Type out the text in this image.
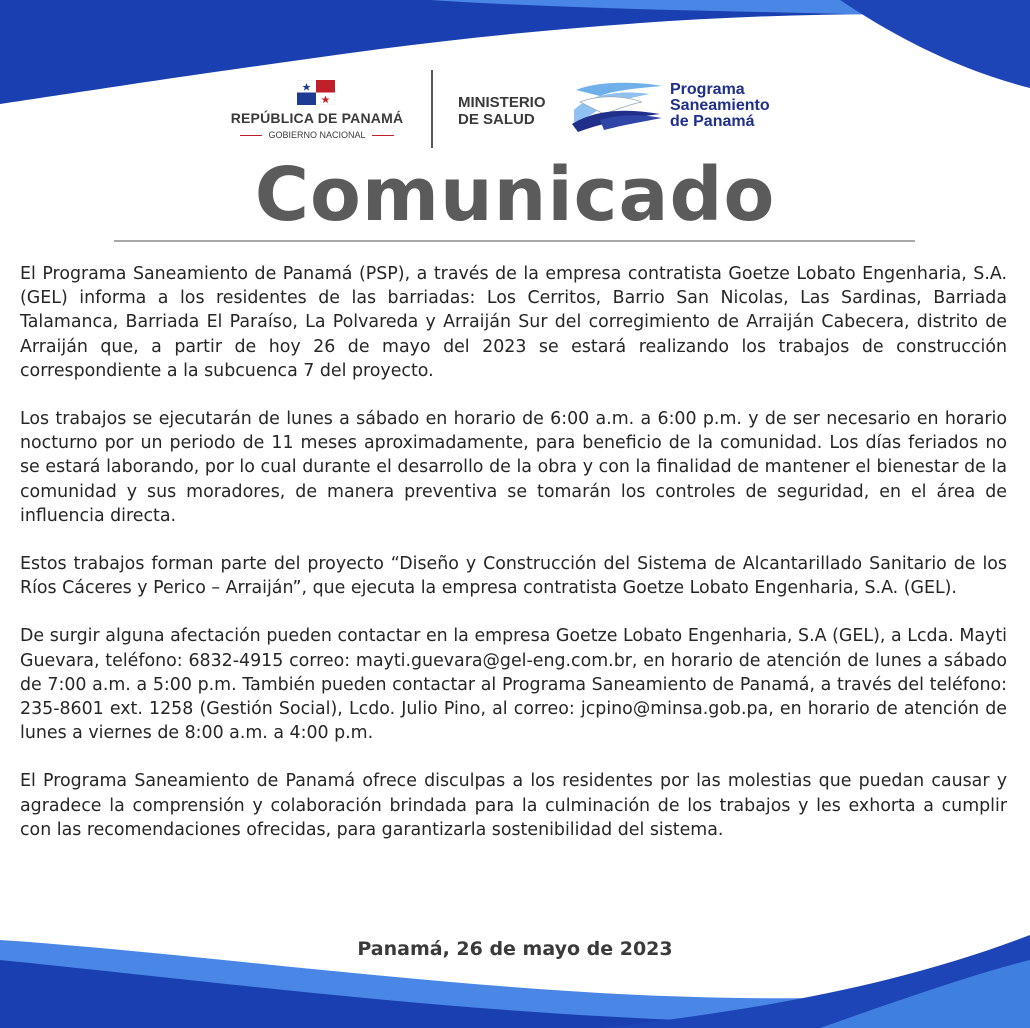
REPÚBLICA DE PANAMÁ
GOBIERNO NACIONAL
MINISTERIO
DE SALUD
Programa
Saneamiento
de Panamá
Comunicado

El Programa Saneamiento de Panamá (PSP), a través de la empresa contratista Goetze Lobato Engenharia, S.A. (GEL) informa a los residentes de las barriadas: Los Cerritos, Barrio San Nicolas, Las Sardinas, Barriada Talamanca, Barriada El Paraíso, La Polvareda y Arraiján Sur del corregimiento de Arraiján Cabecera, distrito de Arraiján que, a partir de hoy 26 de mayo del 2023 se estará realizando los trabajos de construcción correspondiente a la subcuenca 7 del proyecto.

Los trabajos se ejecutarán de lunes a sábado en horario de 6:00 a.m. a 6:00 p.m. y de ser necesario en horario nocturno por un periodo de 11 meses aproximadamente, para beneficio de la comunidad. Los días feriados no se estará laborando, por lo cual durante el desarrollo de la obra y con la finalidad de mantener el bienestar de la comunidad y sus moradores, de manera preventiva se tomarán los controles de seguridad, en el área de influencia directa.

Estos trabajos forman parte del proyecto “Diseño y Construcción del Sistema de Alcantarillado Sanitario de los Ríos Cáceres y Perico – Arraiján”, que ejecuta la empresa contratista Goetze Lobato Engenharia, S.A. (GEL).

De surgir alguna afectación pueden contactar en la empresa Goetze Lobato Engenharia, S.A (GEL), a Lcda. Mayti Guevara, teléfono: 6832-4915 correo: mayti.guevara@gel-eng.com.br, en horario de atención de lunes a sábado de 7:00 a.m. a 5:00 p.m. También pueden contactar al Programa Saneamiento de Panamá, a través del teléfono: 235-8601 ext. 1258 (Gestión Social), Lcdo. Julio Pino, al correo: jcpino@minsa.gob.pa, en horario de atención de lunes a viernes de 8:00 a.m. a 4:00 p.m.

El Programa Saneamiento de Panamá ofrece disculpas a los residentes por las molestias que puedan causar y agradece la comprensión y colaboración brindada para la culminación de los trabajos y les exhorta a cumplir con las recomendaciones ofrecidas, para garantizarla sostenibilidad del sistema.

Panamá, 26 de mayo de 2023
